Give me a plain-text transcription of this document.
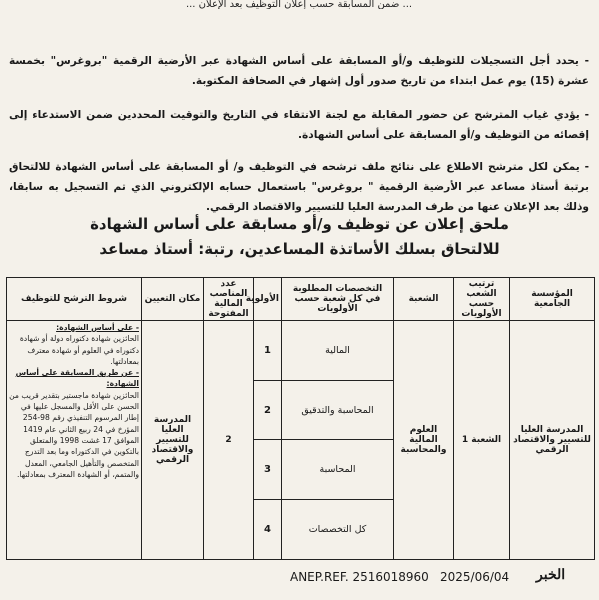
... ضمن المسابقة حسب إعلان التوظيف بعد الإعلان ...

- يحدد أجل التسجيلات للتوظيف و/أو المسابقة على أساس الشهادة عبر الأرضية الرقمية "بروغرس" بخمسة عشرة (15) يوم عمل ابتداء من تاريخ صدور أول إشهار في الصحافة المكتوبة.

- يؤدي غياب المترشح عن حضور المقابلة مع لجنة الانتقاء في التاريخ والتوقيت المحددين ضمن الاستدعاء إلى إقصائه من التوظيف و/أو المسابقة على أساس الشهادة.

- يمكن لكل مترشح الاطلاع على نتائج ملف ترشحه في التوظيف و/ أو المسابقة على أساس الشهادة للالتحاق برتبة أستاذ مساعد عبر الأرضية الرقمية " بروغرس" باستعمال حسابه الإلكتروني الذي تم التسجيل به سابقا، وذلك بعد الإعلان عنها من طرف المدرسة العليا للتسيير والاقتصاد الرقمي.

ملحق إعلان عن توظيف و/أو مسابقة على أساس الشهادة
للالتحاق بسلك الأساتذة المساعدين، رتبة: أستاذ مساعد
المؤسسة الجامعية	ترتيب الشعب حسب الأولويات	الشعبة	التخصصات المطلوبة في كل شعبة حسب الأولويات	الأولوية	عدد المناصب المالية المفتوحة	مكان التعيين	شروط الترشح للتوظيف
المدرسة العليا للتسيير والاقتصاد الرقمي	الشعبة 1	العلوم المالية والمحاسبة	المالية	1	2	المدرسة العليا للتسيير والاقتصاد الرقمي	- على أساس الشهادة:
الحائزين شهادة دكتوراه دولة أو شهادة دكتوراه في العلوم أو شهادة معترف بمعادلتها.
- عن طريق المسابقة على أساس الشهادة:
الحائزين شهادة ماجستير بتقدير قريب من الحسن على الأقل والمسجل عليها في إطار المرسوم التنفيذي رقم 98-254 المؤرخ في 24 ربيع الثاني عام 1419 الموافق 17 غشت 1998 والمتعلق بالتكوين في الدكتوراه وما بعد التدرج المتخصص والتأهيل الجامعي، المعدل والمتمم، أو الشهادة المعترف بمعادلتها.

			المحاسبة والتدقيق	2			
			المحاسبة	3			
			كل التخصصات	4			
ANEP.REF. 2516018960 2025/06/04 الخبر
